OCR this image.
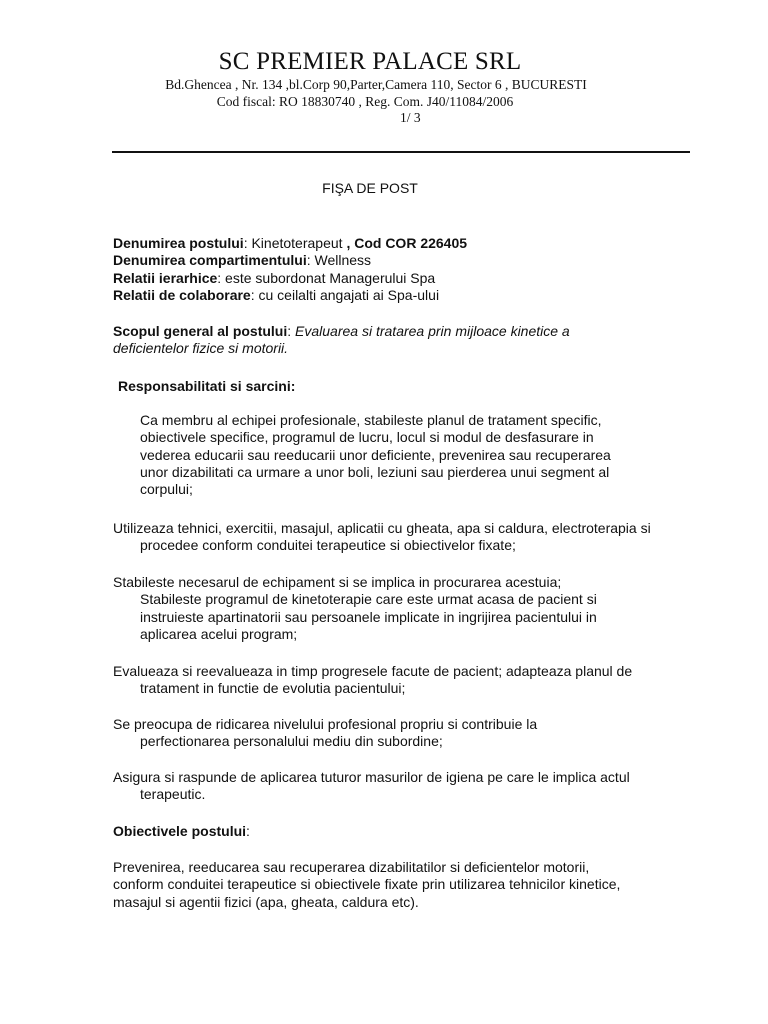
SC PREMIER PALACE SRL
Bd.Ghencea , Nr. 134 ,bl.Corp 90,Parter,Camera 110, Sector 6 , BUCURESTI
Cod fiscal: RO 18830740 , Reg. Com. J40/11084/2006
1/ 3
FIŞA DE POST
Denumirea postului: Kinetoterapeut , Cod COR 226405
Denumirea compartimentului: Wellness
Relatii ierarhice: este subordonat Managerului Spa
Relatii de colaborare: cu ceilalti angajati ai Spa-ului
Scopul general al postului: Evaluarea si tratarea prin mijloace kinetice a deficientelor fizice si motorii.
Responsabilitati si sarcini:
Ca membru al echipei profesionale, stabileste planul de tratament specific, obiectivele specifice, programul de lucru, locul si modul de desfasurare in vederea educarii sau reeducarii unor deficiente, prevenirea sau recuperarea unor dizabilitati ca urmare a unor boli, leziuni sau pierderea unui segment al corpului;
Utilizeaza tehnici, exercitii, masajul, aplicatii cu gheata, apa si caldura, electroterapia si procedee conform conduitei terapeutice si obiectivelor fixate;
Stabileste necesarul de echipament si se implica in procurarea acestuia;
Stabileste programul de kinetoterapie care este urmat acasa de pacient si instruieste apartinatorii sau persoanele implicate in ingrijirea pacientului in aplicarea acelui program;
Evalueaza si reevalueaza in timp progresele facute de pacient; adapteaza planul de tratament in functie de evolutia pacientului;
Se preocupa de ridicarea nivelului profesional propriu si contribuie la perfectionarea personalului mediu din subordine;
Asigura si raspunde de aplicarea tuturor masurilor de igiena pe care le implica actul terapeutic.
Obiectivele postului:
Prevenirea, reeducarea sau recuperarea dizabilitatilor si deficientelor motorii, conform conduitei terapeutice si obiectivele fixate prin utilizarea tehnicilor kinetice, masajul si agentii fizici (apa, gheata, caldura etc).
